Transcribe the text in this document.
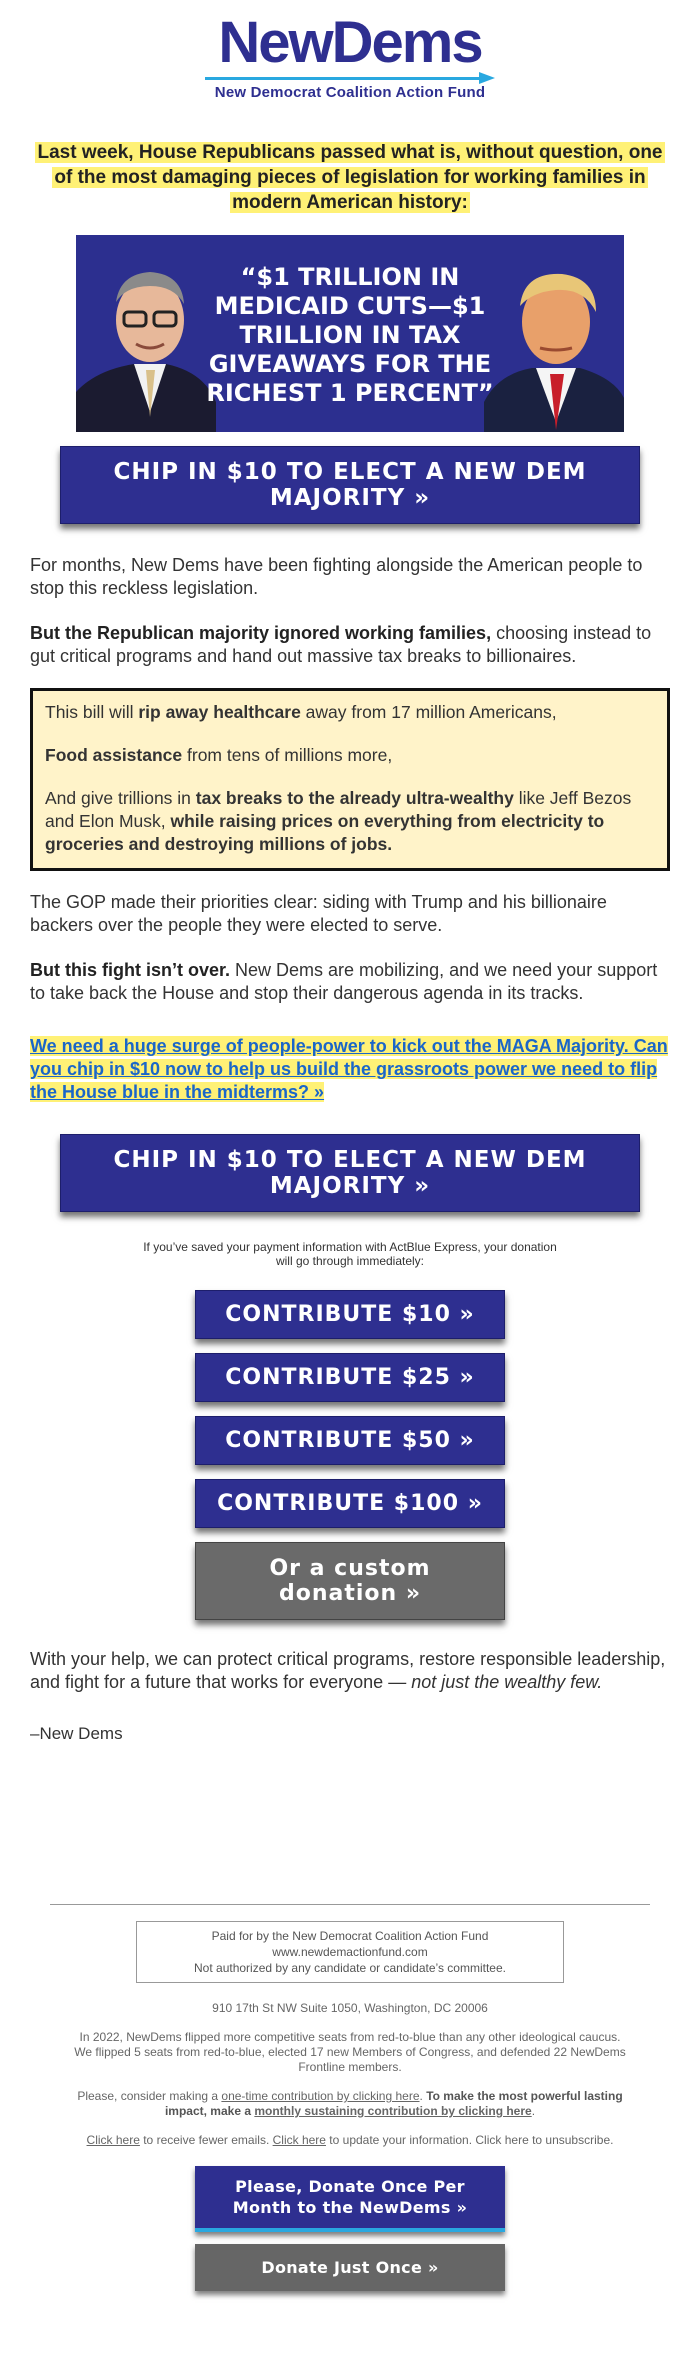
NewDems
New Democrat Coalition Action Fund
Last week, House Republicans passed what is, without question, one of the most damaging pieces of legislation for working families in modern American history:
“$1 TRILLION IN MEDICAID CUTS—$1 TRILLION IN TAX GIVEAWAYS FOR THE RICHEST 1 PERCENT”
CHIP IN $10 TO ELECT A NEW DEM MAJORITY »

For months, New Dems have been fighting alongside the American people to stop this reckless legislation.

But the Republican majority ignored working families, choosing instead to gut critical programs and hand out massive tax breaks to billionaires.

This bill will rip away healthcare away from 17 million Americans,

Food assistance from tens of millions more,

And give trillions in tax breaks to the already ultra-wealthy like Jeff Bezos and Elon Musk, while raising prices on everything from electricity to groceries and destroying millions of jobs.

The GOP made their priorities clear: siding with Trump and his billionaire backers over the people they were elected to serve.

But this fight isn’t over. New Dems are mobilizing, and we need your support to take back the House and stop their dangerous agenda in its tracks.

We need a huge surge of people-power to kick out the MAGA Majority. Can you chip in $10 now to help us build the grassroots power we need to flip the House blue in the midterms? »

CHIP IN $10 TO ELECT A NEW DEM MAJORITY »
If you’ve saved your payment information with ActBlue Express, your donation will go through immediately:
CONTRIBUTE $10 »
CONTRIBUTE $25 »
CONTRIBUTE $50 »
CONTRIBUTE $100 »
Or a custom donation »

With your help, we can protect critical programs, restore responsible leadership, and fight for a future that works for everyone — not just the wealthy few.

–New Dems

Paid for by the New Democrat Coalition Action Fund
www.newdemactionfund.com
Not authorized by any candidate or candidate’s committee.
910 17th St NW Suite 1050, Washington, DC 20006
In 2022, NewDems flipped more competitive seats from red-to-blue than any other ideological caucus. We flipped 5 seats from red-to-blue, elected 17 new Members of Congress, and defended 22 NewDems Frontline members.
Please, consider making a one-time contribution by clicking here. To make the most powerful lasting impact, make a monthly sustaining contribution by clicking here.
Click here to receive fewer emails. Click here to update your information. Click here to unsubscribe.
Please, Donate Once Per Month to the NewDems »
Donate Just Once »
